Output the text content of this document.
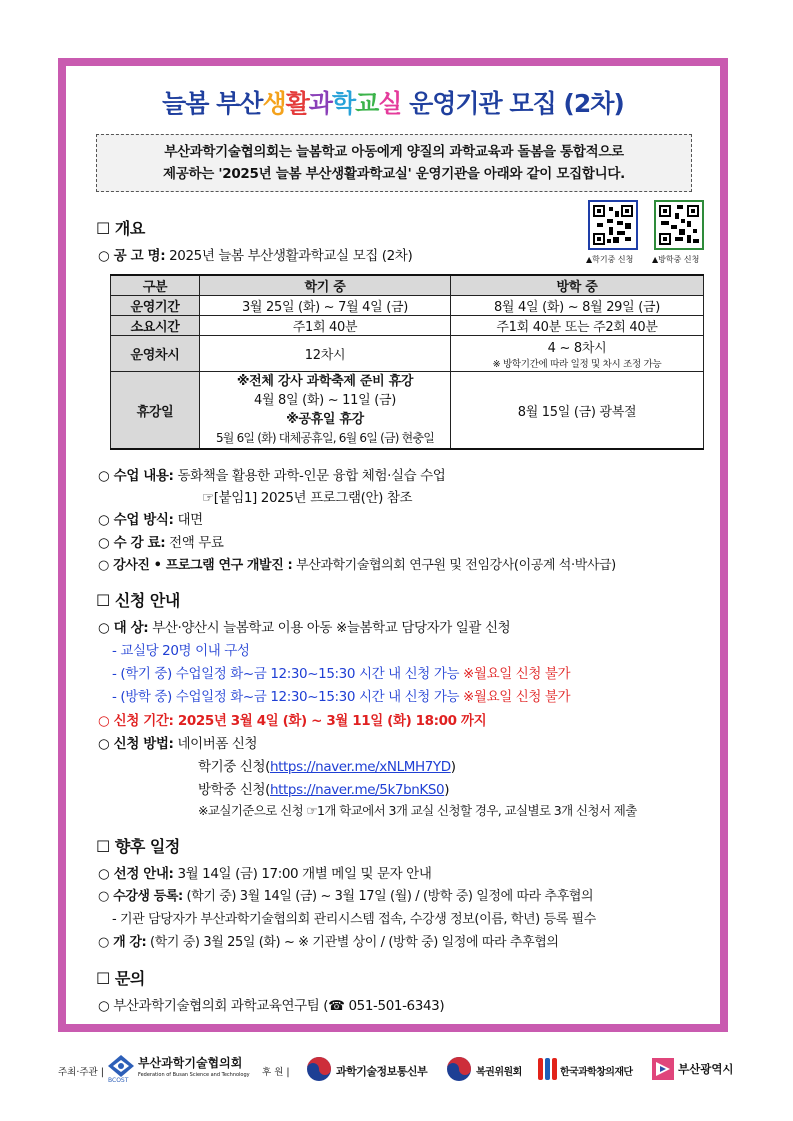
늘봄 부산생활과학교실 운영기관 모집 (2차)
부산과학기술협의회는 늘봄학교 아동에게 양질의 과학교육과 돌봄을 통합적으로
제공하는 '2025년 늘봄 부산생활과학교실' 운영기관을 아래와 같이 모집합니다.
▲학기중 신청 ▲방학중 신청
☐ 개요
○ 공 고 명: 2025년 늘봄 부산생활과학교실 모집 (2차)
구분	학기 중	방학 중
운영기간	3월 25일 (화) ~ 7월 4일 (금)	8월 4일 (화) ~ 8월 29일 (금)
소요시간	주1회 40분	주1회 40분 또는 주2회 40분
운영차시	12차시	4 ~ 8차시
※ 방학기간에 따라 일정 및 차시 조정 가능

휴강일	※전체 강사 과학축제 준비 휴강
4월 8일 (화) ~ 11일 (금)
※공휴일 휴강
5월 6일 (화) 대체공휴일, 6월 6일 (금) 현충일	8월 15일 (금) 광복절
○ 수업 내용: 동화책을 활용한 과학-인문 융합 체험·실습 수업
☞[붙임1] 2025년 프로그램(안) 참조
○ 수업 방식: 대면
○ 수 강 료: 전액 무료
○ 강사진 • 프로그램 연구 개발진 : 부산과학기술협의회 연구원 및 전임강사(이공계 석·박사급)
☐ 신청 안내
○ 대 상: 부산·양산시 늘봄학교 이용 아동 ※늘봄학교 담당자가 일괄 신청
- 교실당 20명 이내 구성
- (학기 중) 수업일정 화~금 12:30~15:30 시간 내 신청 가능 ※월요일 신청 불가
- (방학 중) 수업일정 화~금 12:30~15:30 시간 내 신청 가능 ※월요일 신청 불가
○ 신청 기간: 2025년 3월 4일 (화) ~ 3월 11일 (화) 18:00 까지
○ 신청 방법: 네이버폼 신청
학기중 신청(https://naver.me/xNLMH7YD)
방학중 신청(https://naver.me/5k7bnKS0)
※교실기준으로 신청 ☞1개 학교에서 3개 교실 신청할 경우, 교실별로 3개 신청서 제출
☐ 향후 일정
○ 선정 안내: 3월 14일 (금) 17:00 개별 메일 및 문자 안내
○ 수강생 등록: (학기 중) 3월 14일 (금) ~ 3월 17일 (월) / (방학 중) 일정에 따라 추후협의
- 기관 담당자가 부산과학기술협의회 관리시스템 접속, 수강생 정보(이름, 학년) 등록 필수
○ 개 강: (학기 중) 3월 25일 (화) ~ ※ 기관별 상이 / (방학 중) 일정에 따라 추후협의
☐ 문의
○ 부산과학기술협의회 과학교육연구팀 (☎ 051-501-6343)
주최·주관 |
부산과학기술협의회
BCOST
Federation of Busan Science and Technology 후 원 |	과학기술정보통신부	복권위원회	한국과학창의재단	부산광역시
